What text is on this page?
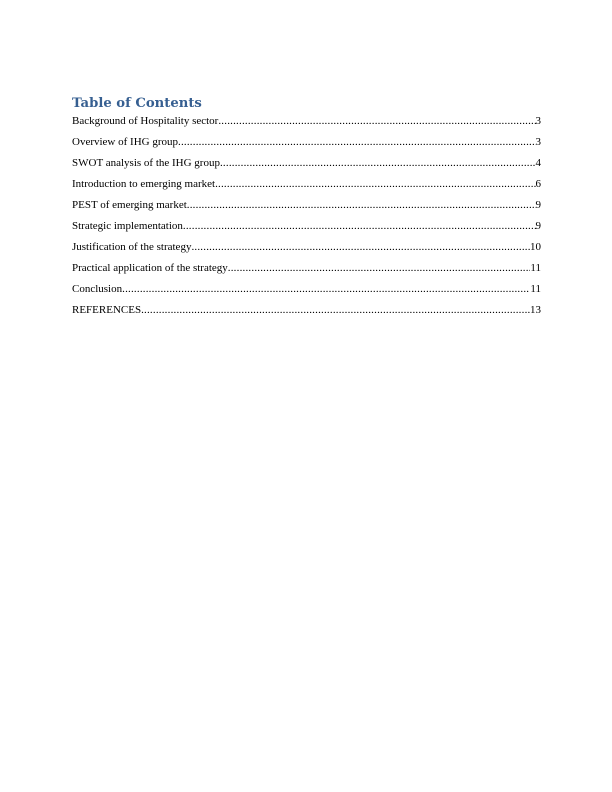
Table of Contents
Background of Hospitality sector .....	3
Overview of IHG group .....	3
SWOT analysis of the IHG group .....	4
Introduction to emerging market .....	6
PEST of emerging market .....	9
Strategic implementation .....	9
Justification of the strategy .....	10
Practical application of the strategy .....	11
Conclusion .....	11
REFERENCES .....	13
